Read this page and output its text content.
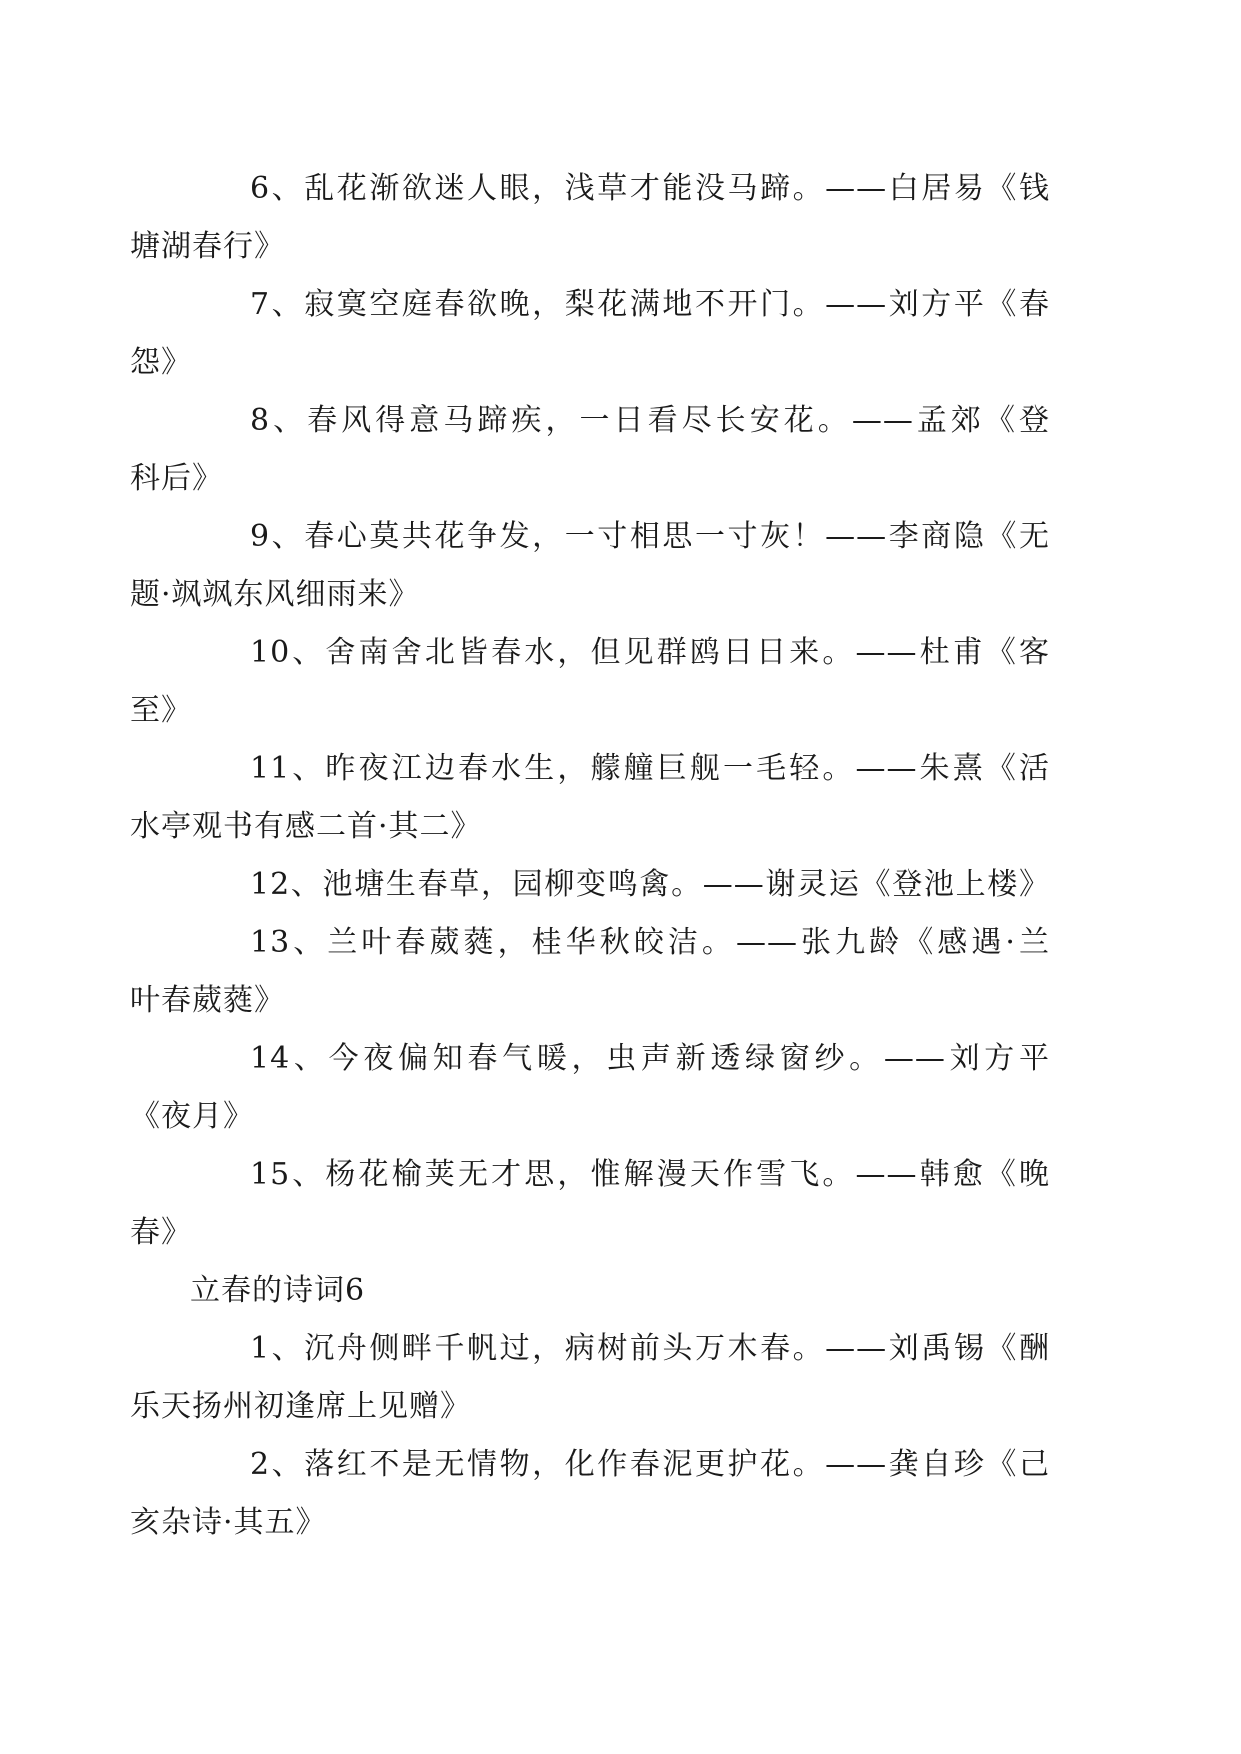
6、乱花渐欲迷人眼，浅草才能没马蹄。——白居易《钱
塘湖春行》

7、寂寞空庭春欲晚，梨花满地不开门。——刘方平《春
怨》

8、春风得意马蹄疾，一日看尽长安花。——孟郊《登
科后》

9、春心莫共花争发，一寸相思一寸灰！——李商隐《无
题·飒飒东风细雨来》

10、舍南舍北皆春水，但见群鸥日日来。——杜甫《客
至》

11、昨夜江边春水生，艨艟巨舰一毛轻。——朱熹《活
水亭观书有感二首·其二》

12、池塘生春草，园柳变鸣禽。——谢灵运《登池上楼》

13、兰叶春葳蕤，桂华秋皎洁。——张九龄《感遇·兰
叶春葳蕤》

14、今夜偏知春气暖，虫声新透绿窗纱。——刘方平
《夜月》

15、杨花榆荚无才思，惟解漫天作雪飞。——韩愈《晚
春》

立春的诗词6

1、沉舟侧畔千帆过，病树前头万木春。——刘禹锡《酬
乐天扬州初逢席上见赠》

2、落红不是无情物，化作春泥更护花。——龚自珍《己
亥杂诗·其五》
